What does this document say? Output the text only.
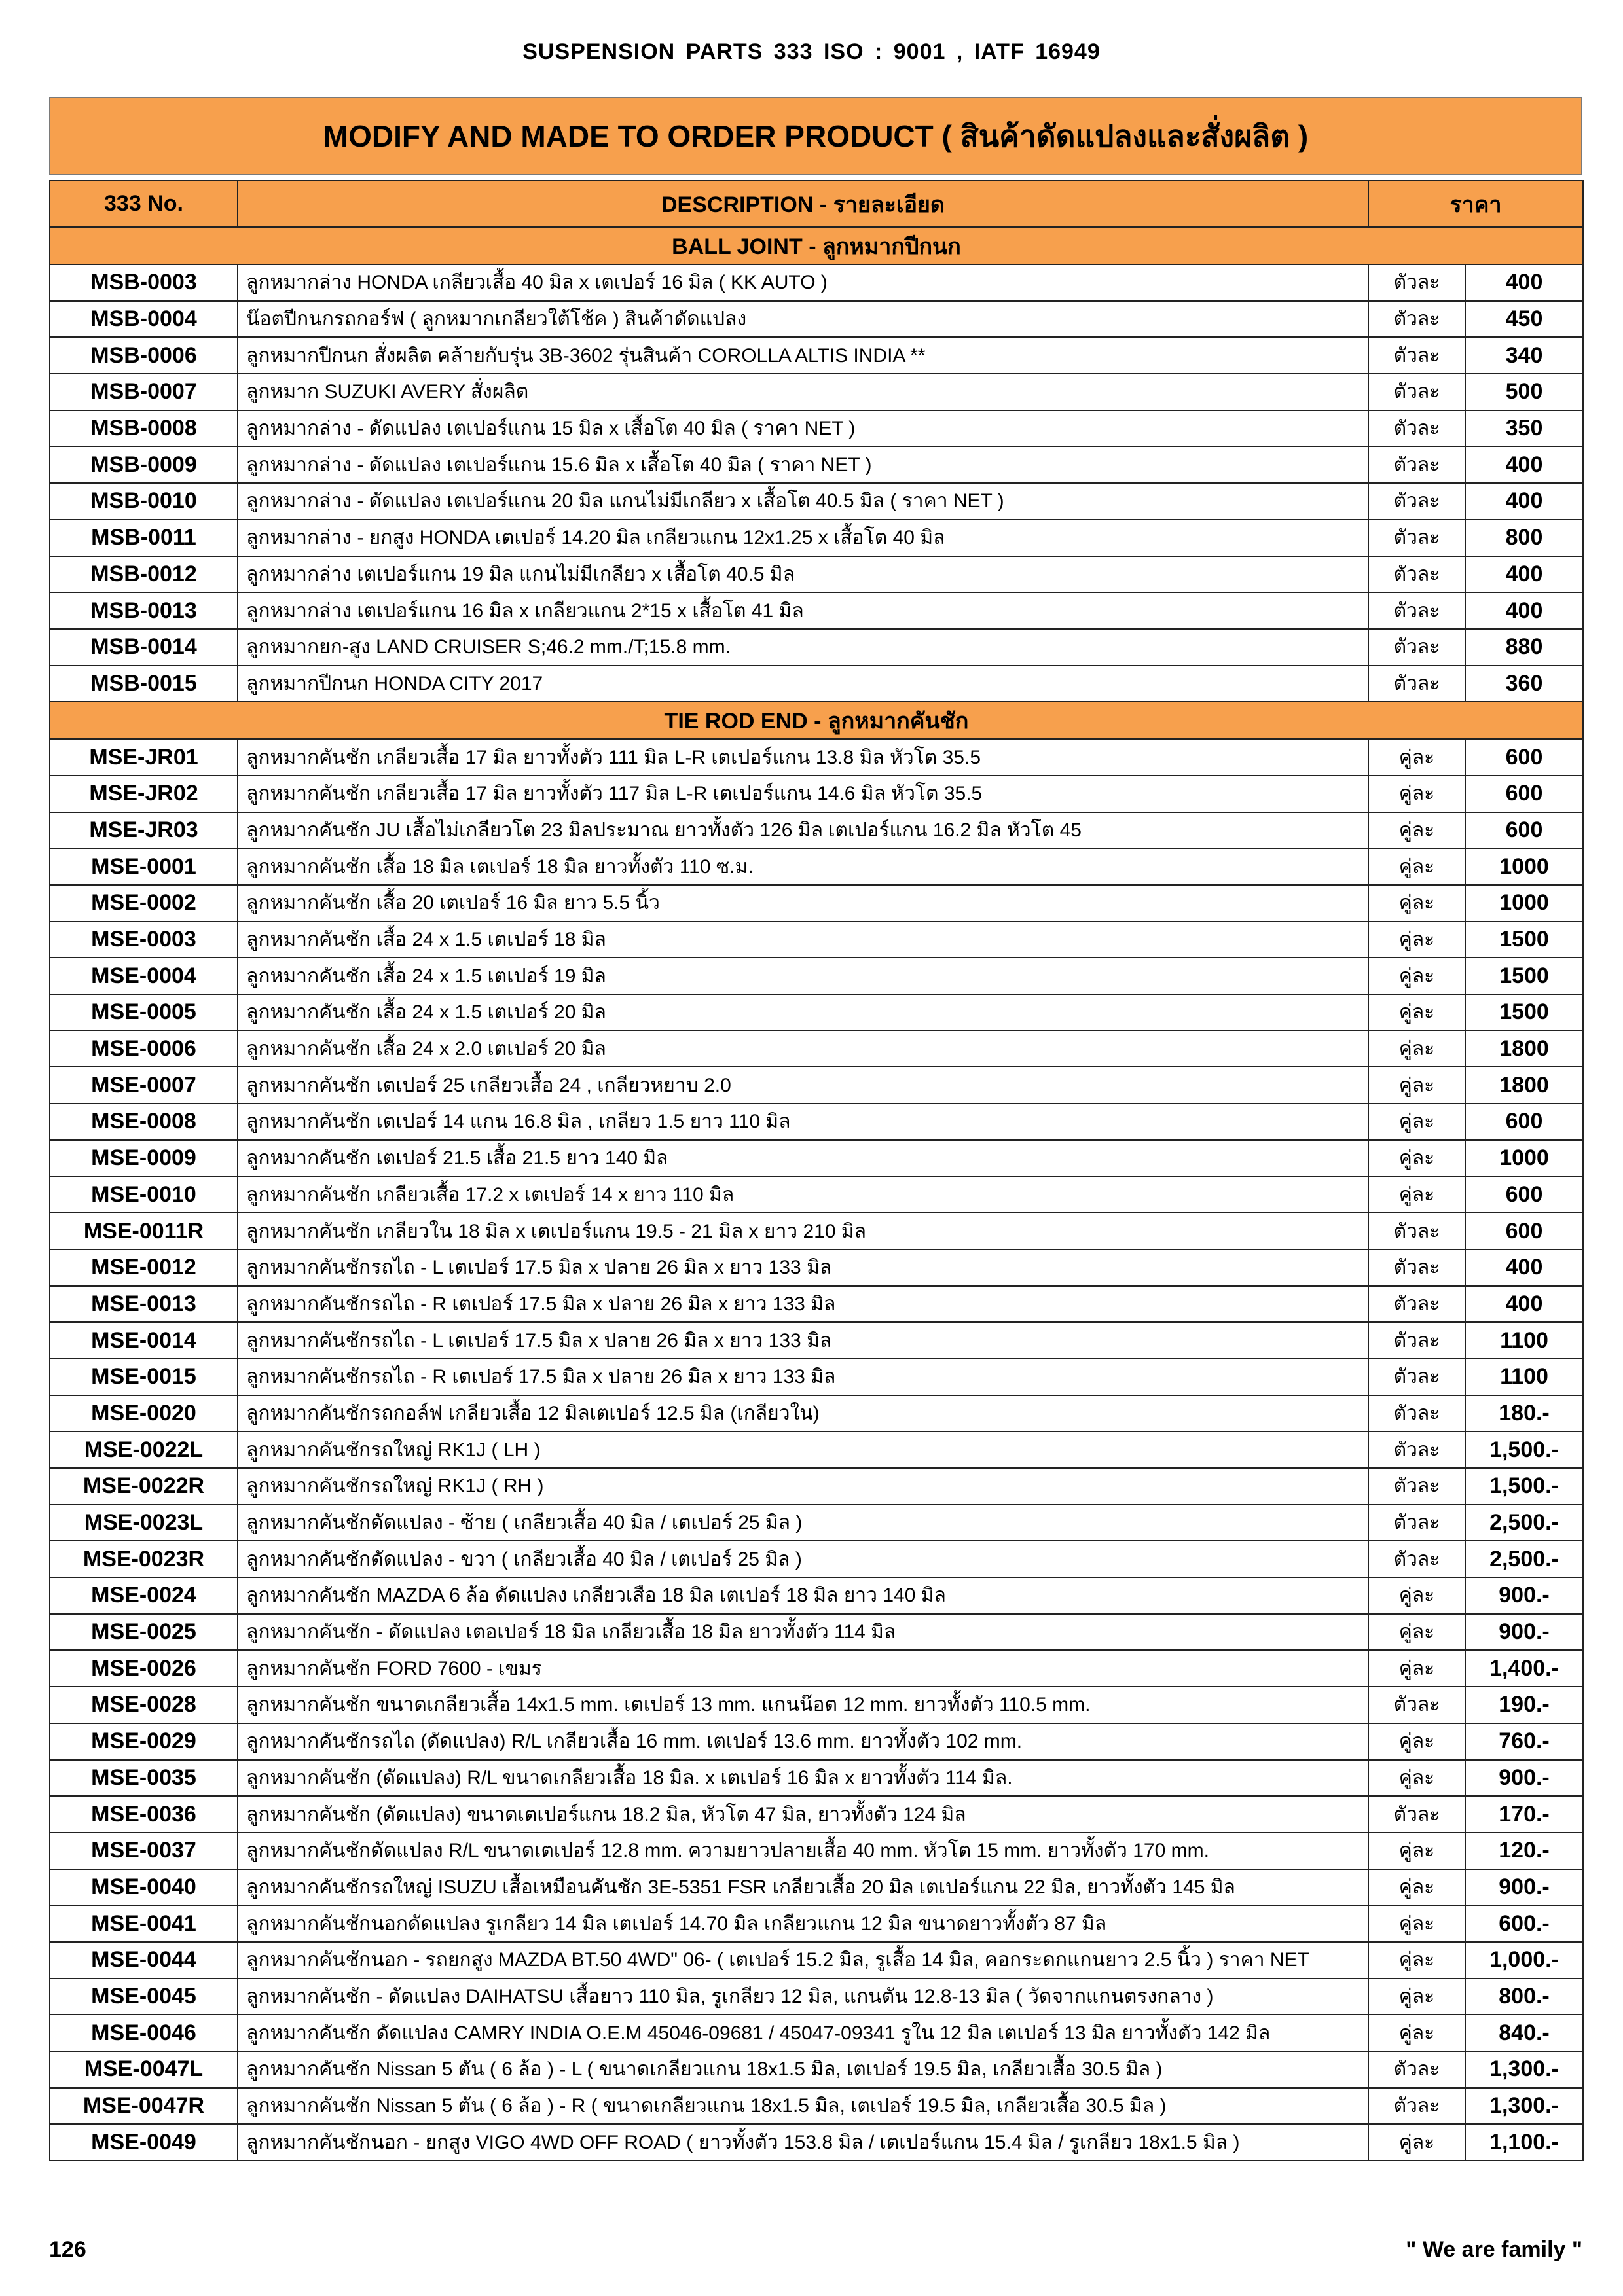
SUSPENSION PARTS 333 ISO : 9001 , IATF 16949
MODIFY AND MADE TO ORDER PRODUCT ( สินค้าดัดแปลงและสั่งผลิต )
333 No.	DESCRIPTION - รายละเอียด	ราคา	
BALL JOINT - ลูกหมากปีกนก			
MSB-0003	ลูกหมากล่าง HONDA เกลียวเสื้อ 40 มิล x เตเปอร์ 16 มิล ( KK AUTO )	ตัวละ	400
MSB-0004	น๊อตปีกนกรถกอร์ฟ ( ลูกหมากเกลียวใต้โช้ค ) สินค้าดัดแปลง	ตัวละ	450
MSB-0006	ลูกหมากปีกนก สั่งผลิต คล้ายกับรุ่น 3B-3602 รุ่นสินค้า COROLLA ALTIS INDIA **	ตัวละ	340
MSB-0007	ลูกหมาก SUZUKI AVERY สั่งผลิต	ตัวละ	500
MSB-0008	ลูกหมากล่าง - ดัดแปลง เตเปอร์แกน 15 มิล x เสื้อโต 40 มิล ( ราคา NET )	ตัวละ	350
MSB-0009	ลูกหมากล่าง - ดัดแปลง เตเปอร์แกน 15.6 มิล x เสื้อโต 40 มิล ( ราคา NET )	ตัวละ	400
MSB-0010	ลูกหมากล่าง - ดัดแปลง เตเปอร์แกน 20 มิล แกนไม่มีเกลียว x เสื้อโต 40.5 มิล ( ราคา NET )	ตัวละ	400
MSB-0011	ลูกหมากล่าง - ยกสูง HONDA เตเปอร์ 14.20 มิล เกลียวแกน 12x1.25 x เสื้อโต 40 มิล	ตัวละ	800
MSB-0012	ลูกหมากล่าง เตเปอร์แกน 19 มิล แกนไม่มีเกลียว x เสื้อโต 40.5 มิล	ตัวละ	400
MSB-0013	ลูกหมากล่าง เตเปอร์แกน 16 มิล x เกลียวแกน 2*15 x เสื้อโต 41 มิล	ตัวละ	400
MSB-0014	ลูกหมากยก-สูง LAND CRUISER S;46.2 mm./T;15.8 mm.	ตัวละ	880
MSB-0015	ลูกหมากปีกนก HONDA CITY 2017	ตัวละ	360
TIE ROD END - ลูกหมากคันชัก			
MSE-JR01	ลูกหมากคันชัก เกลียวเสื้อ 17 มิล ยาวทั้งตัว 111 มิล L-R เตเปอร์แกน 13.8 มิล หัวโต 35.5	คู่ละ	600
MSE-JR02	ลูกหมากคันชัก เกลียวเสื้อ 17 มิล ยาวทั้งตัว 117 มิล L-R เตเปอร์แกน 14.6 มิล หัวโต 35.5	คู่ละ	600
MSE-JR03	ลูกหมากคันชัก JU เสื้อไม่เกลียวโต 23 มิลประมาณ ยาวทั้งตัว 126 มิล เตเปอร์แกน 16.2 มิล หัวโต 45	คู่ละ	600
MSE-0001	ลูกหมากคันชัก เสื้อ 18 มิล เตเปอร์ 18 มิล ยาวทั้งตัว 110 ซ.ม.	คู่ละ	1000
MSE-0002	ลูกหมากคันชัก เสื้อ 20 เตเปอร์ 16 มิล ยาว 5.5 นิ้ว	คู่ละ	1000
MSE-0003	ลูกหมากคันชัก เสื้อ 24 x 1.5 เตเปอร์ 18 มิล	คู่ละ	1500
MSE-0004	ลูกหมากคันชัก เสื้อ 24 x 1.5 เตเปอร์ 19 มิล	คู่ละ	1500
MSE-0005	ลูกหมากคันชัก เสื้อ 24 x 1.5 เตเปอร์ 20 มิล	คู่ละ	1500
MSE-0006	ลูกหมากคันชัก เสื้อ 24 x 2.0 เตเปอร์ 20 มิล	คู่ละ	1800
MSE-0007	ลูกหมากคันชัก เตเปอร์ 25 เกลียวเสื้อ 24 , เกลียวหยาบ 2.0	คู่ละ	1800
MSE-0008	ลูกหมากคันชัก เตเปอร์ 14 แกน 16.8 มิล , เกลียว 1.5 ยาว 110 มิล	คู่ละ	600
MSE-0009	ลูกหมากคันชัก เตเปอร์ 21.5 เสื้อ 21.5 ยาว 140 มิล	คู่ละ	1000
MSE-0010	ลูกหมากคันชัก เกลียวเสื้อ 17.2 x เตเปอร์ 14 x ยาว 110 มิล	คู่ละ	600
MSE-0011R	ลูกหมากคันชัก เกลียวใน 18 มิล x เตเปอร์แกน 19.5 - 21 มิล x ยาว 210 มิล	ตัวละ	600
MSE-0012	ลูกหมากคันชักรถไถ - L เตเปอร์ 17.5 มิล x ปลาย 26 มิล x ยาว 133 มิล	ตัวละ	400
MSE-0013	ลูกหมากคันชักรถไถ - R เตเปอร์ 17.5 มิล x ปลาย 26 มิล x ยาว 133 มิล	ตัวละ	400
MSE-0014	ลูกหมากคันชักรถไถ - L เตเปอร์ 17.5 มิล x ปลาย 26 มิล x ยาว 133 มิล	ตัวละ	1100
MSE-0015	ลูกหมากคันชักรถไถ - R เตเปอร์ 17.5 มิล x ปลาย 26 มิล x ยาว 133 มิล	ตัวละ	1100
MSE-0020	ลูกหมากคันชักรถกอล์ฟ เกลียวเสื้อ 12 มิลเตเปอร์ 12.5 มิล (เกลียวใน)	ตัวละ	180.-
MSE-0022L	ลูกหมากคันชักรถใหญ่ RK1J ( LH )	ตัวละ	1,500.-
MSE-0022R	ลูกหมากคันชักรถใหญ่ RK1J ( RH )	ตัวละ	1,500.-
MSE-0023L	ลูกหมากคันชักดัดแปลง - ซ้าย ( เกลียวเสื้อ 40 มิล / เตเปอร์ 25 มิล )	ตัวละ	2,500.-
MSE-0023R	ลูกหมากคันชักดัดแปลง - ขวา ( เกลียวเสื้อ 40 มิล / เตเปอร์ 25 มิล )	ตัวละ	2,500.-
MSE-0024	ลูกหมากคันชัก MAZDA 6 ล้อ ดัดแปลง เกลียวเสือ 18 มิล เตเปอร์ 18 มิล ยาว 140 มิล	คู่ละ	900.-
MSE-0025	ลูกหมากคันชัก - ดัดแปลง เตอเปอร์ 18 มิล เกลียวเสื้อ 18 มิล ยาวทั้งตัว 114 มิล	คู่ละ	900.-
MSE-0026	ลูกหมากคันชัก FORD 7600 - เขมร	คู่ละ	1,400.-
MSE-0028	ลูกหมากคันชัก ขนาดเกลียวเสื้อ 14x1.5 mm. เตเปอร์ 13 mm. แกนน๊อต 12 mm. ยาวทั้งตัว 110.5 mm.	ตัวละ	190.-
MSE-0029	ลูกหมากคันชักรถไถ (ดัดแปลง) R/L เกลียวเสื้อ 16 mm. เตเปอร์ 13.6 mm. ยาวทั้งตัว 102 mm.	คู่ละ	760.-
MSE-0035	ลูกหมากคันชัก (ดัดแปลง) R/L ขนาดเกลียวเสื้อ 18 มิล. x เตเปอร์ 16 มิล x ยาวทั้งตัว 114 มิล.	คู่ละ	900.-
MSE-0036	ลูกหมากคันชัก (ดัดแปลง) ขนาดเตเปอร์แกน 18.2 มิล, หัวโต 47 มิล, ยาวทั้งตัว 124 มิล	ตัวละ	170.-
MSE-0037	ลูกหมากคันชักดัดแปลง R/L ขนาดเตเปอร์ 12.8 mm. ความยาวปลายเสื้อ 40 mm. หัวโต 15 mm. ยาวทั้งตัว 170 mm.	คู่ละ	120.-
MSE-0040	ลูกหมากคันชักรถใหญ่ ISUZU เสื้อเหมือนคันชัก 3E-5351 FSR เกลียวเสื้อ 20 มิล เตเปอร์แกน 22 มิล, ยาวทั้งตัว 145 มิล	คู่ละ	900.-
MSE-0041	ลูกหมากคันชักนอกดัดแปลง รูเกลียว 14 มิล เตเปอร์ 14.70 มิล เกลียวแกน 12 มิล ขนาดยาวทั้งตัว 87 มิล	คู่ละ	600.-
MSE-0044	ลูกหมากคันชักนอก - รถยกสูง MAZDA BT.50 4WD" 06- ( เตเปอร์ 15.2 มิล, รูเสื้อ 14 มิล, คอกระดกแกนยาว 2.5 นิ้ว ) ราคา NET	คู่ละ	1,000.-
MSE-0045	ลูกหมากคันชัก - ดัดแปลง DAIHATSU เสื้อยาว 110 มิล, รูเกลียว 12 มิล, แกนตัน 12.8-13 มิล ( วัดจากแกนตรงกลาง )	คู่ละ	800.-
MSE-0046	ลูกหมากคันชัก ดัดแปลง CAMRY INDIA O.E.M 45046-09681 / 45047-09341 รูใน 12 มิล เตเปอร์ 13 มิล ยาวทั้งตัว 142 มิล	คู่ละ	840.-
MSE-0047L	ลูกหมากคันชัก Nissan 5 ตัน ( 6 ล้อ ) - L ( ขนาดเกลียวแกน 18x1.5 มิล, เตเปอร์ 19.5 มิล, เกลียวเสื้อ 30.5 มิล )	ตัวละ	1,300.-
MSE-0047R	ลูกหมากคันชัก Nissan 5 ตัน ( 6 ล้อ ) - R ( ขนาดเกลียวแกน 18x1.5 มิล, เตเปอร์ 19.5 มิล, เกลียวเสื้อ 30.5 มิล )	ตัวละ	1,300.-
MSE-0049	ลูกหมากคันชักนอก - ยกสูง VIGO 4WD OFF ROAD ( ยาวทั้งตัว 153.8 มิล / เตเปอร์แกน 15.4 มิล / รูเกลียว 18x1.5 มิล )	คู่ละ	1,100.-
126	" We are family "
